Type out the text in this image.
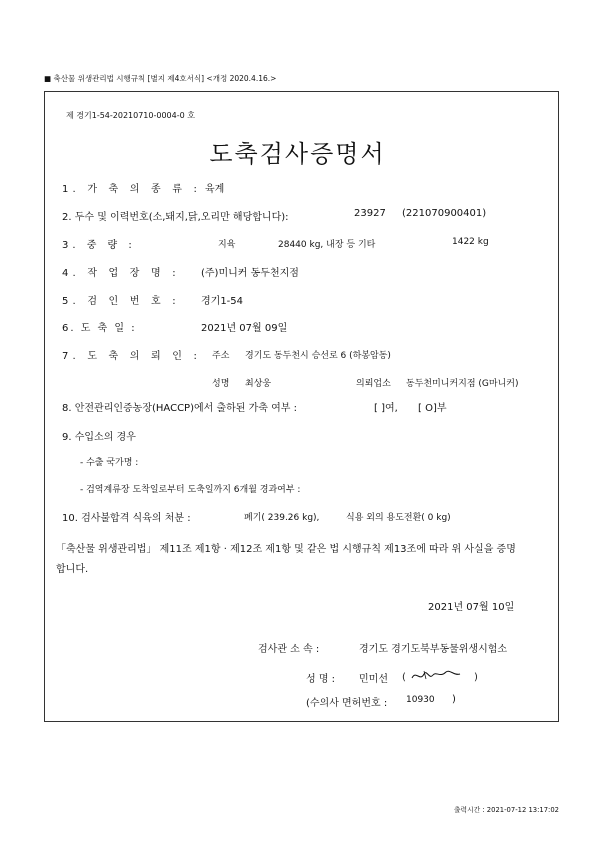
■ 축산물 위생관리법 시행규칙 [별지 제4호서식] <개정 2020.4.16.>
제 경기1-54-20210710-0004-0 호
도축검사증명서
1. 가 축 의 종 류 : 육계
2. 두수 및 이력번호(소,돼지,닭,오리만 해당합니다):	23927 (221070900401)
3. 중 량 :	지육	28440 kg, 내장 등 기타	1422 kg
4. 작 업 장 명 : (주)미니커 동두천지점
5. 검 인 번 호 : 경기1-54
6. 도 축 일 :	2021년 07월 09일
7. 도 축 의 뢰 인 : 주소 경기도 동두천시 승선로 6 (하봉암동)
성명 최상웅	의뢰업소 동두천미니커지점 (G마니커)
8. 안전관리인증농장(HACCP)에서 출하된 가축 여부 :	[ ]여, [ O]부
9. 수입소의 경우
- 수출 국가명 :
- 검역계류장 도착일로부터 도축일까지 6개월 경과여부 :
10. 검사불합격 식육의 처분 :	폐기( 239.26 kg),	식용 외의 용도전환( 0 kg)
「축산물 위생관리법」 제11조 제1항 · 제12조 제1항 및 같은 법 시행규칙 제13조에 따라 위 사실을 증명
합니다.
2021년 07월 10일
검사관 소 속 :	경기도 경기도북부동물위생시험소
성 명 : 민미선 (	)
(수의사 면허번호 : 10930 )
출력시간 : 2021-07-12 13:17:02
